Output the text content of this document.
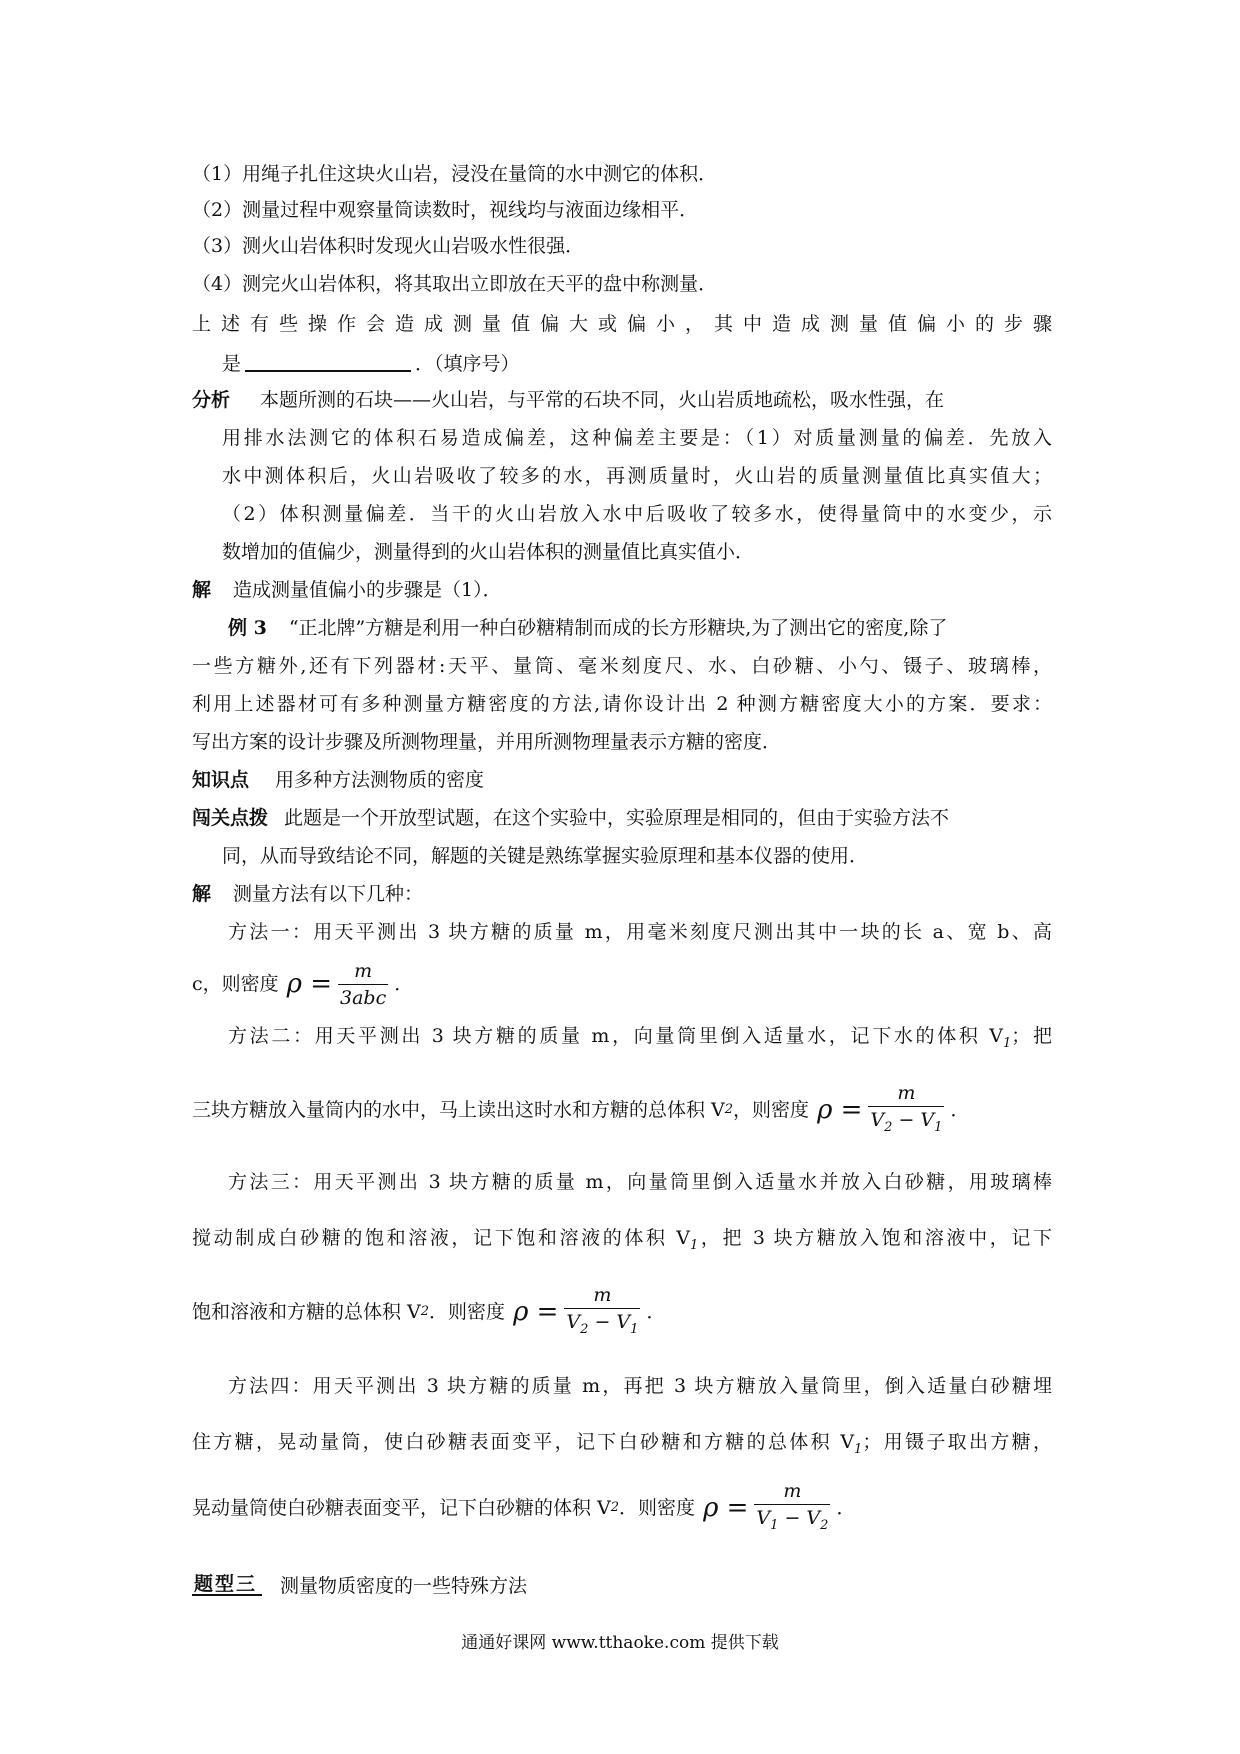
（1）用绳子扎住这块火山岩，浸没在量筒的水中测它的体积．
（2）测量过程中观察量筒读数时，视线均与液面边缘相平．
（3）测火山岩体积时发现火山岩吸水性很强．
（4）测完火山岩体积，将其取出立即放在天平的盘中称测量．
上述有些操作会造成测量值偏大或偏小，其中造成测量值偏小的步骤
是	．（填序号）
分析 本题所测的石块——火山岩，与平常的石块不同，火山岩质地疏松，吸水性强，在
用排水法测它的体积石易造成偏差，这种偏差主要是：（1）对质量测量的偏差．先放入
水中测体积后，火山岩吸收了较多的水，再测质量时，火山岩的质量测量值比真实值大；
（2）体积测量偏差．当干的火山岩放入水中后吸收了较多水，使得量筒中的水变少，示
数增加的值偏少，测量得到的火山岩体积的测量值比真实值小．
解 造成测量值偏小的步骤是（1）．
例 3 “正北牌”方糖是利用一种白砂糖精制而成的长方形糖块,为了测出它的密度,除了
一些方糖外,还有下列器材:天平、量筒、毫米刻度尺、水、白砂糖、小勺、镊子、玻璃棒，
利用上述器材可有多种测量方糖密度的方法,请你设计出 2 种测方糖密度大小的方案．要求：
写出方案的设计步骤及所测物理量，并用所测物理量表示方糖的密度．
知识点 用多种方法测物质的密度
闯关点拨 此题是一个开放型试题，在这个实验中，实验原理是相同的，但由于实验方法不
同，从而导致结论不同，解题的关键是熟练掌握实验原理和基本仪器的使用．
解 测量方法有以下几种：
方法一：用天平测出 3 块方糖的质量 m，用毫米刻度尺测出其中一块的长 a、宽 b、高
c，则密度 $\rho = \frac{m}{\text{3abc}}$ ．
方法二：用天平测出 3 块方糖的质量 m，向量筒里倒入适量水，记下水的体积 $V_1$；把
三块方糖放入量筒内的水中，马上读出这时水和方糖的总体积 V 2 ，则密度 $\rho = \frac{m}{V_2 - V_1}$ ．
方法三：用天平测出 3 块方糖的质量 m，向量筒里倒入适量水并放入白砂糖，用玻璃棒
搅动制成白砂糖的饱和溶液，记下饱和溶液的体积 $V_1$，把 3 块方糖放入饱和溶液中，记下
饱和溶液和方糖的总体积 V 2 ．则密度 $\rho = \frac{m}{V_2 - V_1}$ ．
方法四：用天平测出 3 块方糖的质量 m，再把 3 块方糖放入量筒里，倒入适量白砂糖埋
住方糖，晃动量筒，使白砂糖表面变平，记下白砂糖和方糖的总体积 $V_1$；用镊子取出方糖，
晃动量筒使白砂糖表面变平，记下白砂糖的体积 V 2 ．则密度 $\rho = \frac{m}{V_1 - V_2}$ ．
题型三 测量物质密度的一些特殊方法
通通好课网 www.tthaoke.com 提供下载
